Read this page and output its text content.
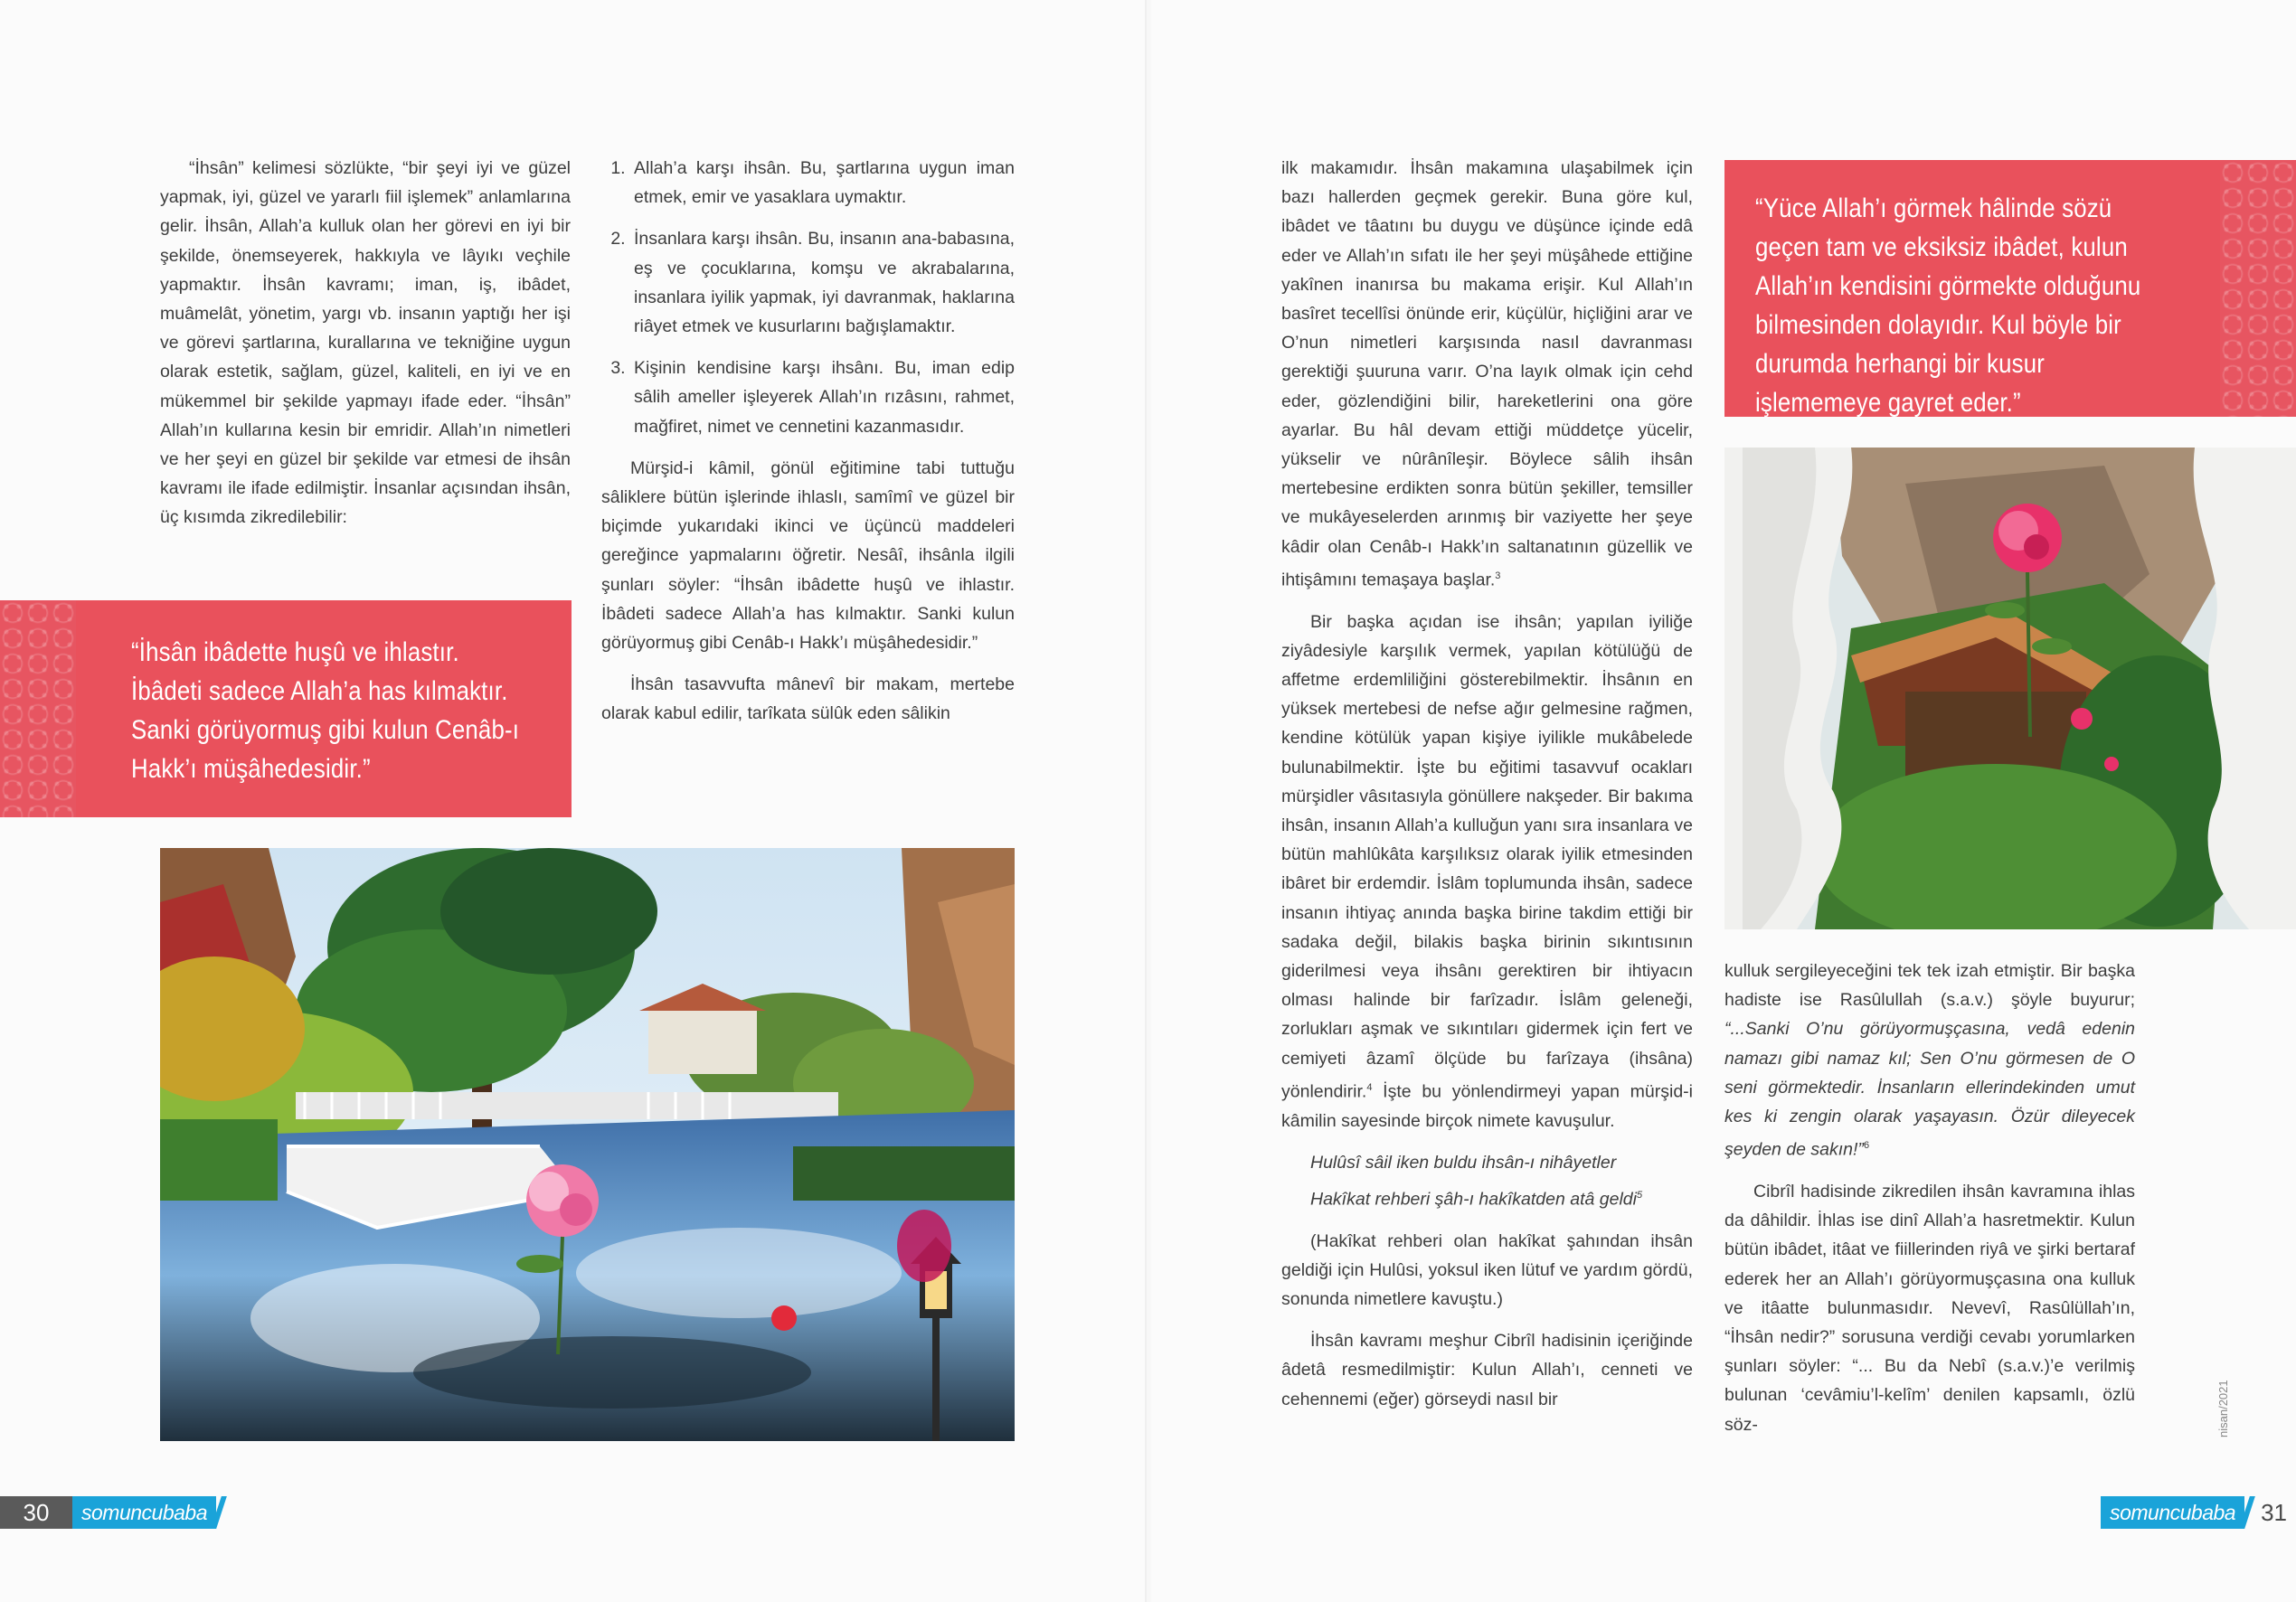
“İhsân” kelimesi sözlükte, “bir şeyi iyi ve güzel yapmak, iyi, güzel ve yararlı fiil işlemek” anlamlarına gelir. İhsân, Allah’a kulluk olan her görevi en iyi bir şekilde, önemseyerek, hakkıyla ve lâyıkı veçhile yapmaktır. İhsân kavramı; iman, iş, ibâdet, muâmelât, yönetim, yargı vb. insanın yaptığı her işi ve görevi şartlarına, kurallarına ve tekniğine uygun olarak estetik, sağlam, güzel, kaliteli, en iyi ve en mükemmel bir şekilde yapmayı ifade eder. “İhsân” Allah’ın kullarına kesin bir emridir. Allah’ın nimetleri ve her şeyi en güzel bir şekilde var etmesi de ihsân kavramı ile ifade edilmiştir. İnsanlar açısından ihsân, üç kısımda zikredilebilir:

“İhsân ibâdette huşû ve ihlastır. İbâdeti sadece Allah’a has kılmaktır. Sanki görüyormuş gibi kulun Cenâb-ı Hakk’ı müşâhedesidir.”
1. Allah’a karşı ihsân. Bu, şartlarına uygun iman etmek, emir ve yasaklara uymaktır.
2. İnsanlara karşı ihsân. Bu, insanın ana-babasına, eş ve çocuklarına, komşu ve akrabalarına, insanlara iyilik yapmak, iyi davranmak, haklarına riâyet etmek ve kusurlarını bağışlamaktır.
3. Kişinin kendisine karşı ihsânı. Bu, iman edip sâlih ameller işleyerek Allah’ın rızâsını, rahmet, mağfiret, nimet ve cennetini kazanmasıdır.

Mürşid-i kâmil, gönül eğitimine tabi tuttuğu sâliklere bütün işlerinde ihlaslı, samîmî ve güzel bir biçimde yukarıdaki ikinci ve üçüncü maddeleri gereğince yapmalarını öğretir. Nesâî, ihsânla ilgili şunları söyler: “İhsân ibâdette huşû ve ihlastır. İbâdeti sadece Allah’a has kılmaktır. Sanki kulun görüyormuş gibi Cenâb-ı Hakk’ı müşâhedesidir.”

İhsân tasavvufta mânevî bir makam, mertebe olarak kabul edilir, tarîkata sülûk eden sâlikin

30	somuncubaba

ilk makamıdır. İhsân makamına ulaşabilmek için bazı hallerden geçmek gerekir. Buna göre kul, ibâdet ve tâatını bu duygu ve düşünce içinde edâ eder ve Allah’ın sıfatı ile her şeyi müşâhede ettiğine yakînen inanırsa bu makama erişir. Kul Allah’ın basîret tecellîsi önünde erir, küçülür, hiçliğini arar ve O’nun nimetleri karşısında nasıl davranması gerektiği şuuruna varır. O’na layık olmak için cehd eder, gözlendiğini bilir, hareketlerini ona göre ayarlar. Bu hâl devam ettiği müddetçe yücelir, yükselir ve nûrânîleşir. Böylece sâlih ihsân mertebesine erdikten sonra bütün şekiller, temsiller ve mukâyeselerden arınmış bir vaziyette her şeye kâdir olan Cenâb-ı Hakk’ın saltanatının güzellik ve ihtişâmını temaşaya başlar.$^3$

Bir başka açıdan ise ihsân; yapılan iyiliğe ziyâdesiyle karşılık vermek, yapılan kötülüğü de affetme erdemliliğini gösterebilmektir. İhsânın en yüksek mertebesi de nefse ağır gelmesine rağmen, kendine kötülük yapan kişiye iyilikle mukâbelede bulunabilmektir. İşte bu eğitimi tasavvuf ocakları mürşidler vâsıtasıyla gönüllere nakşeder. Bir bakıma ihsân, insanın Allah’a kulluğun yanı sıra insanlara ve bütün mahlûkâta karşılıksız olarak iyilik etmesinden ibâret bir erdemdir. İslâm toplumunda ihsân, sadece insanın ihtiyaç anında başka birine takdim ettiği bir sadaka değil, bilakis başka birinin sıkıntısının giderilmesi veya ihsânı gerektiren bir ihtiyacın olması halinde bir farîzadır. İslâm geleneği, zorlukları aşmak ve sıkıntıları gidermek için fert ve cemiyeti âzamî ölçüde bu farîzaya (ihsâna) yönlendirir.$^4$ İşte bu yönlendirmeyi yapan mürşid-i kâmilin sayesinde birçok nimete kavuşulur.

Hulûsî sâil iken buldu ihsân-ı nihâyetler
Hakîkat rehberi şâh-ı hakîkatden atâ geldi$^5$

(Hakîkat rehberi olan hakîkat şahından ihsân geldiği için Hulûsi, yoksul iken lütuf ve yardım gördü, sonunda nimetlere kavuştu.)

İhsân kavramı meşhur Cibrîl hadisinin içeriğinde âdetâ resmedilmiştir: Kulun Allah’ı, cenneti ve cehennemi (eğer) görseydi nasıl bir

“Yüce Allah’ı görmek hâlinde sözü geçen tam ve eksiksiz ibâdet, kulun Allah’ın kendisini görmekte olduğunu bilmesinden dolayıdır. Kul böyle bir durumda herhangi bir kusur işlememeye gayret eder.”

kulluk sergileyeceğini tek tek izah etmiştir. Bir başka hadiste ise Rasûlullah (s.a.v.) şöyle buyurur; “...Sanki O’nu görüyormuşçasına, vedâ edenin namazı gibi namaz kıl; Sen O’nu görmesen de O seni görmektedir. İnsanların ellerindekinden umut kes ki zengin olarak yaşayasın. Özür dileyecek şeyden de sakın!”$^6$

Cibrîl hadisinde zikredilen ihsân kavramına ihlas da dâhildir. İhlas ise dinî Allah’a hasretmektir. Kulun bütün ibâdet, itâat ve fiillerinden riyâ ve şirki bertaraf ederek her an Allah’ı görüyormuşçasına ona kulluk ve itâatte bulunmasıdır. Nevevî, Rasûlüllah’ın, “İhsân nedir?” sorusuna verdiği cevabı yorumlarken şunları söyler: “... Bu da Nebî (s.a.v.)’e verilmiş bulunan ‘cevâmiu’l-kelîm’ denilen kapsamlı, özlü söz-	nisan/2021
somuncubaba	31
